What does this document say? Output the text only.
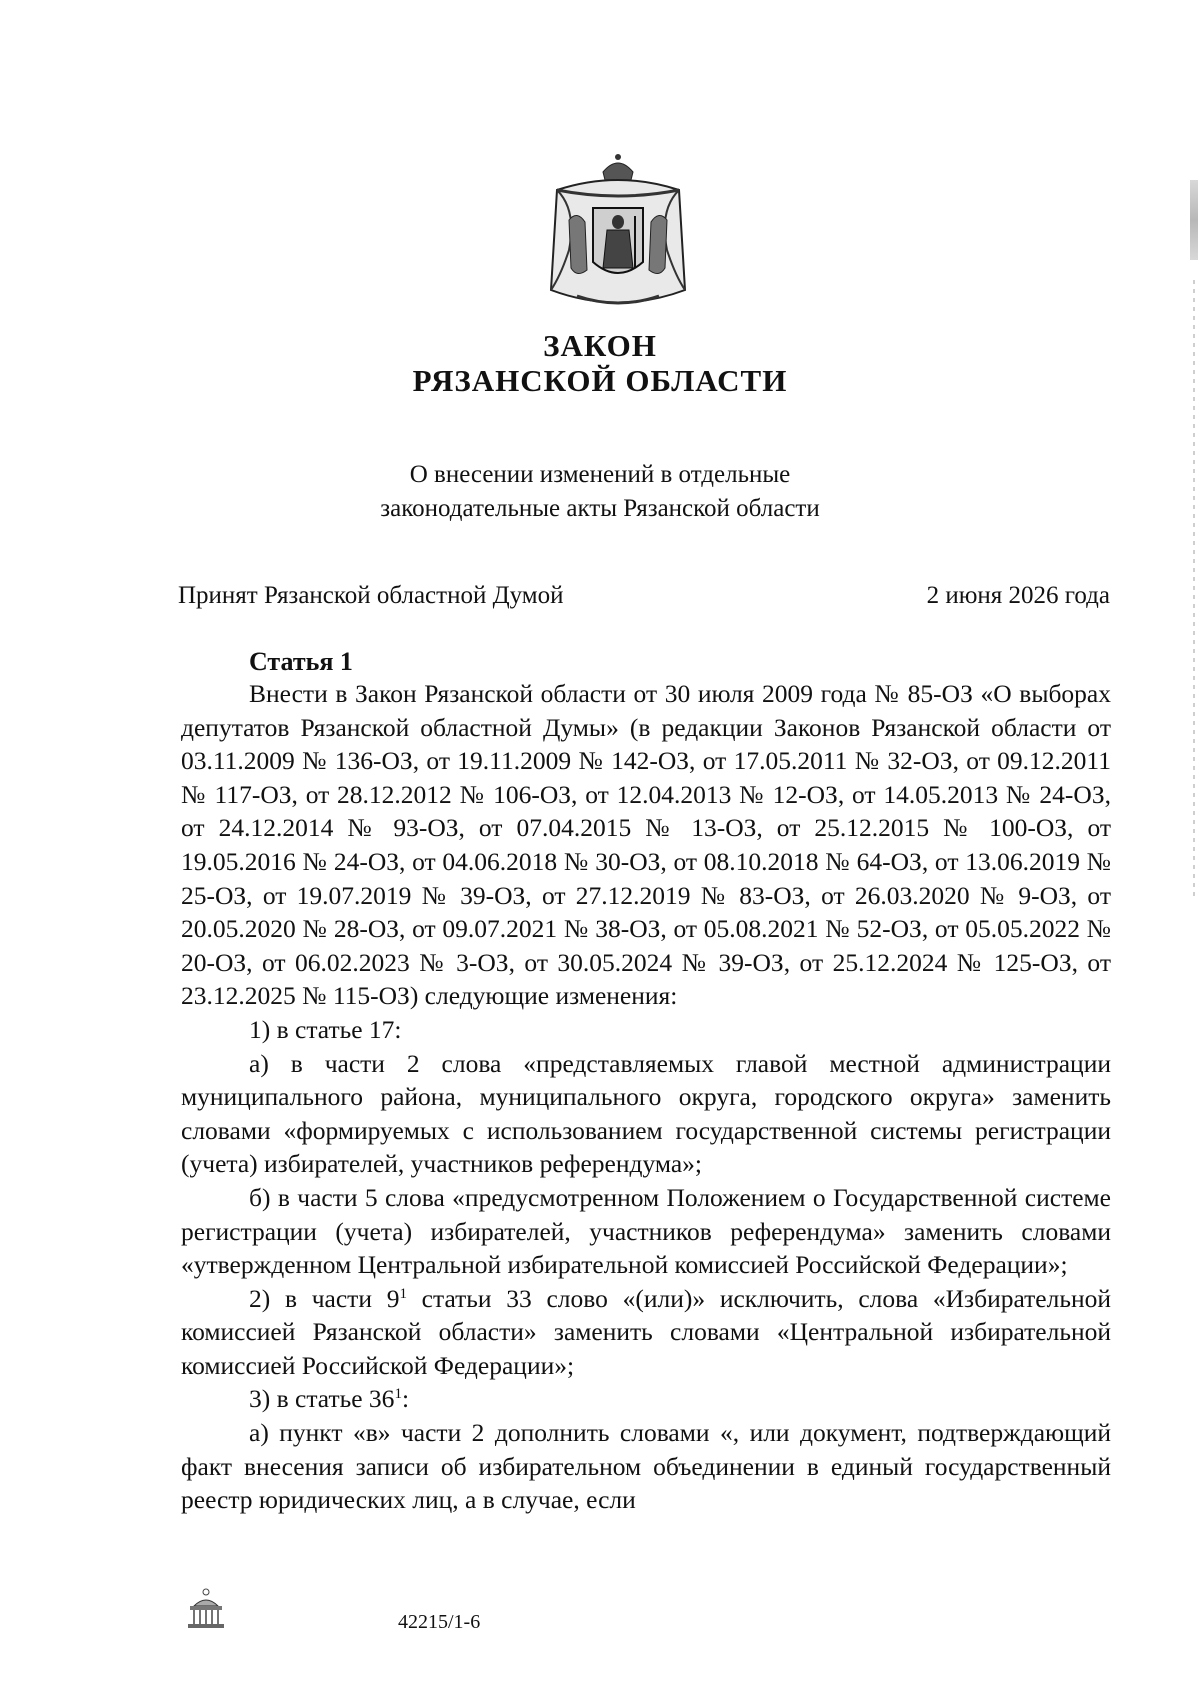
ЗАКОН
РЯЗАНСКОЙ ОБЛАСТИ
О внесении изменений в отдельные
законодательные акты Рязанской области
Принят Рязанской областной Думой	2 июня 2026 года
Статья 1

Внести в Закон Рязанской области от 30 июля 2009 года № 85-ОЗ «О выборах депутатов Рязанской областной Думы» (в редакции Законов Рязанской области от 03.11.2009 № 136-ОЗ, от 19.11.2009 № 142-ОЗ, от 17.05.2011 № 32-ОЗ, от 09.12.2011 № 117-ОЗ, от 28.12.2012 № 106-ОЗ, от 12.04.2013 № 12-ОЗ, от 14.05.2013 № 24-ОЗ, от 24.12.2014 № 93-ОЗ, от 07.04.2015 № 13-ОЗ, от 25.12.2015 № 100-ОЗ, от 19.05.2016 № 24-ОЗ, от 04.06.2018 № 30-ОЗ, от 08.10.2018 № 64-ОЗ, от 13.06.2019 № 25-ОЗ, от 19.07.2019 № 39-ОЗ, от 27.12.2019 № 83-ОЗ, от 26.03.2020 № 9-ОЗ, от 20.05.2020 № 28-ОЗ, от 09.07.2021 № 38-ОЗ, от 05.08.2021 № 52-ОЗ, от 05.05.2022 № 20-ОЗ, от 06.02.2023 № 3-ОЗ, от 30.05.2024 № 39-ОЗ, от 25.12.2024 № 125-ОЗ, от 23.12.2025 № 115-ОЗ) следующие изменения:

1) в статье 17:

а) в части 2 слова «представляемых главой местной администрации муниципального района, муниципального округа, городского округа» заменить словами «формируемых с использованием государственной системы регистрации (учета) избирателей, участников референдума»;

б) в части 5 слова «предусмотренном Положением о Государственной системе регистрации (учета) избирателей, участников референдума» заменить словами «утвержденном Центральной избирательной комиссией Российской Федерации»;

2) в части $9^1$ статьи 33 слово «(или)» исключить, слова «Избирательной комиссией Рязанской области» заменить словами «Центральной избирательной комиссией Российской Федерации»;

3) в статье $36^1$:

а) пункт «в» части 2 дополнить словами «, или документ, подтверждающий факт внесения записи об избирательном объединении в единый государственный реестр юридических лиц, а в случае, если

42215/1-6
